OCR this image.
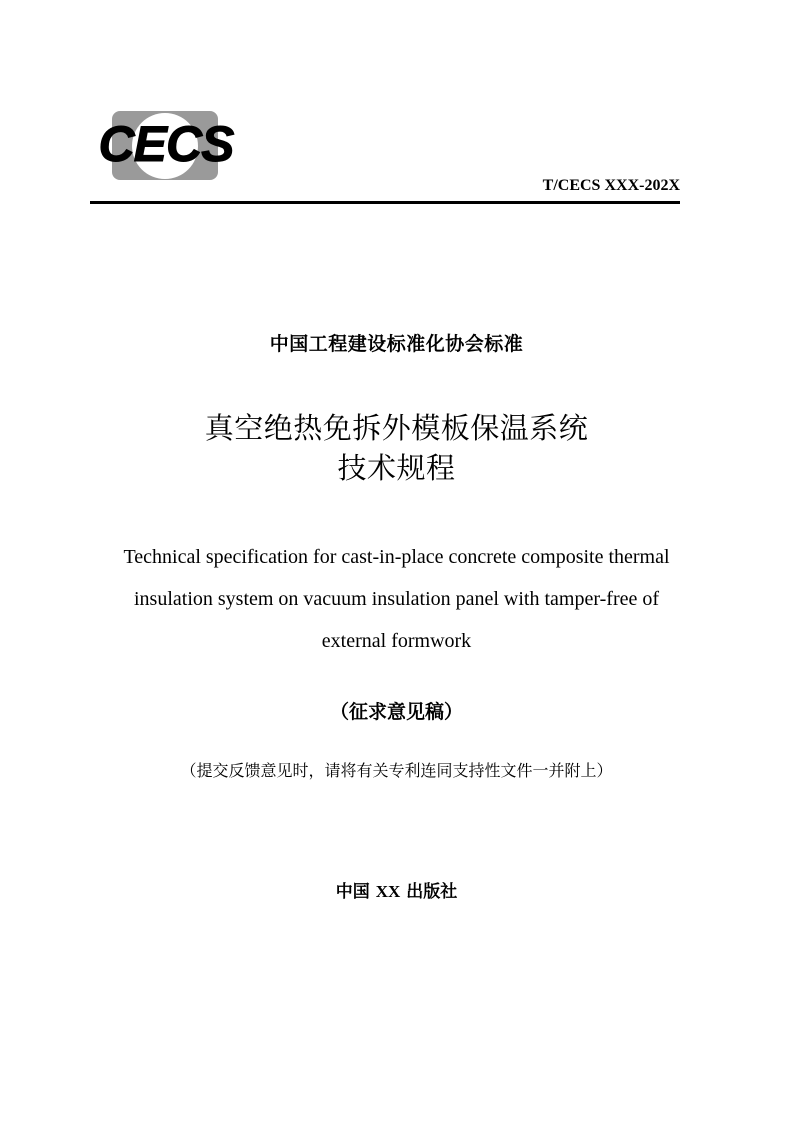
CECS
T/CECS XXX-202X
中国工程建设标准化协会标准
真空绝热免拆外模板保温系统
技术规程
Technical specification for cast-in-place concrete composite thermal
insulation system on vacuum insulation panel with tamper-free of
external formwork
（征求意见稿）
（提交反馈意见时，请将有关专利连同支持性文件一并附上）
中国 XX 出版社
